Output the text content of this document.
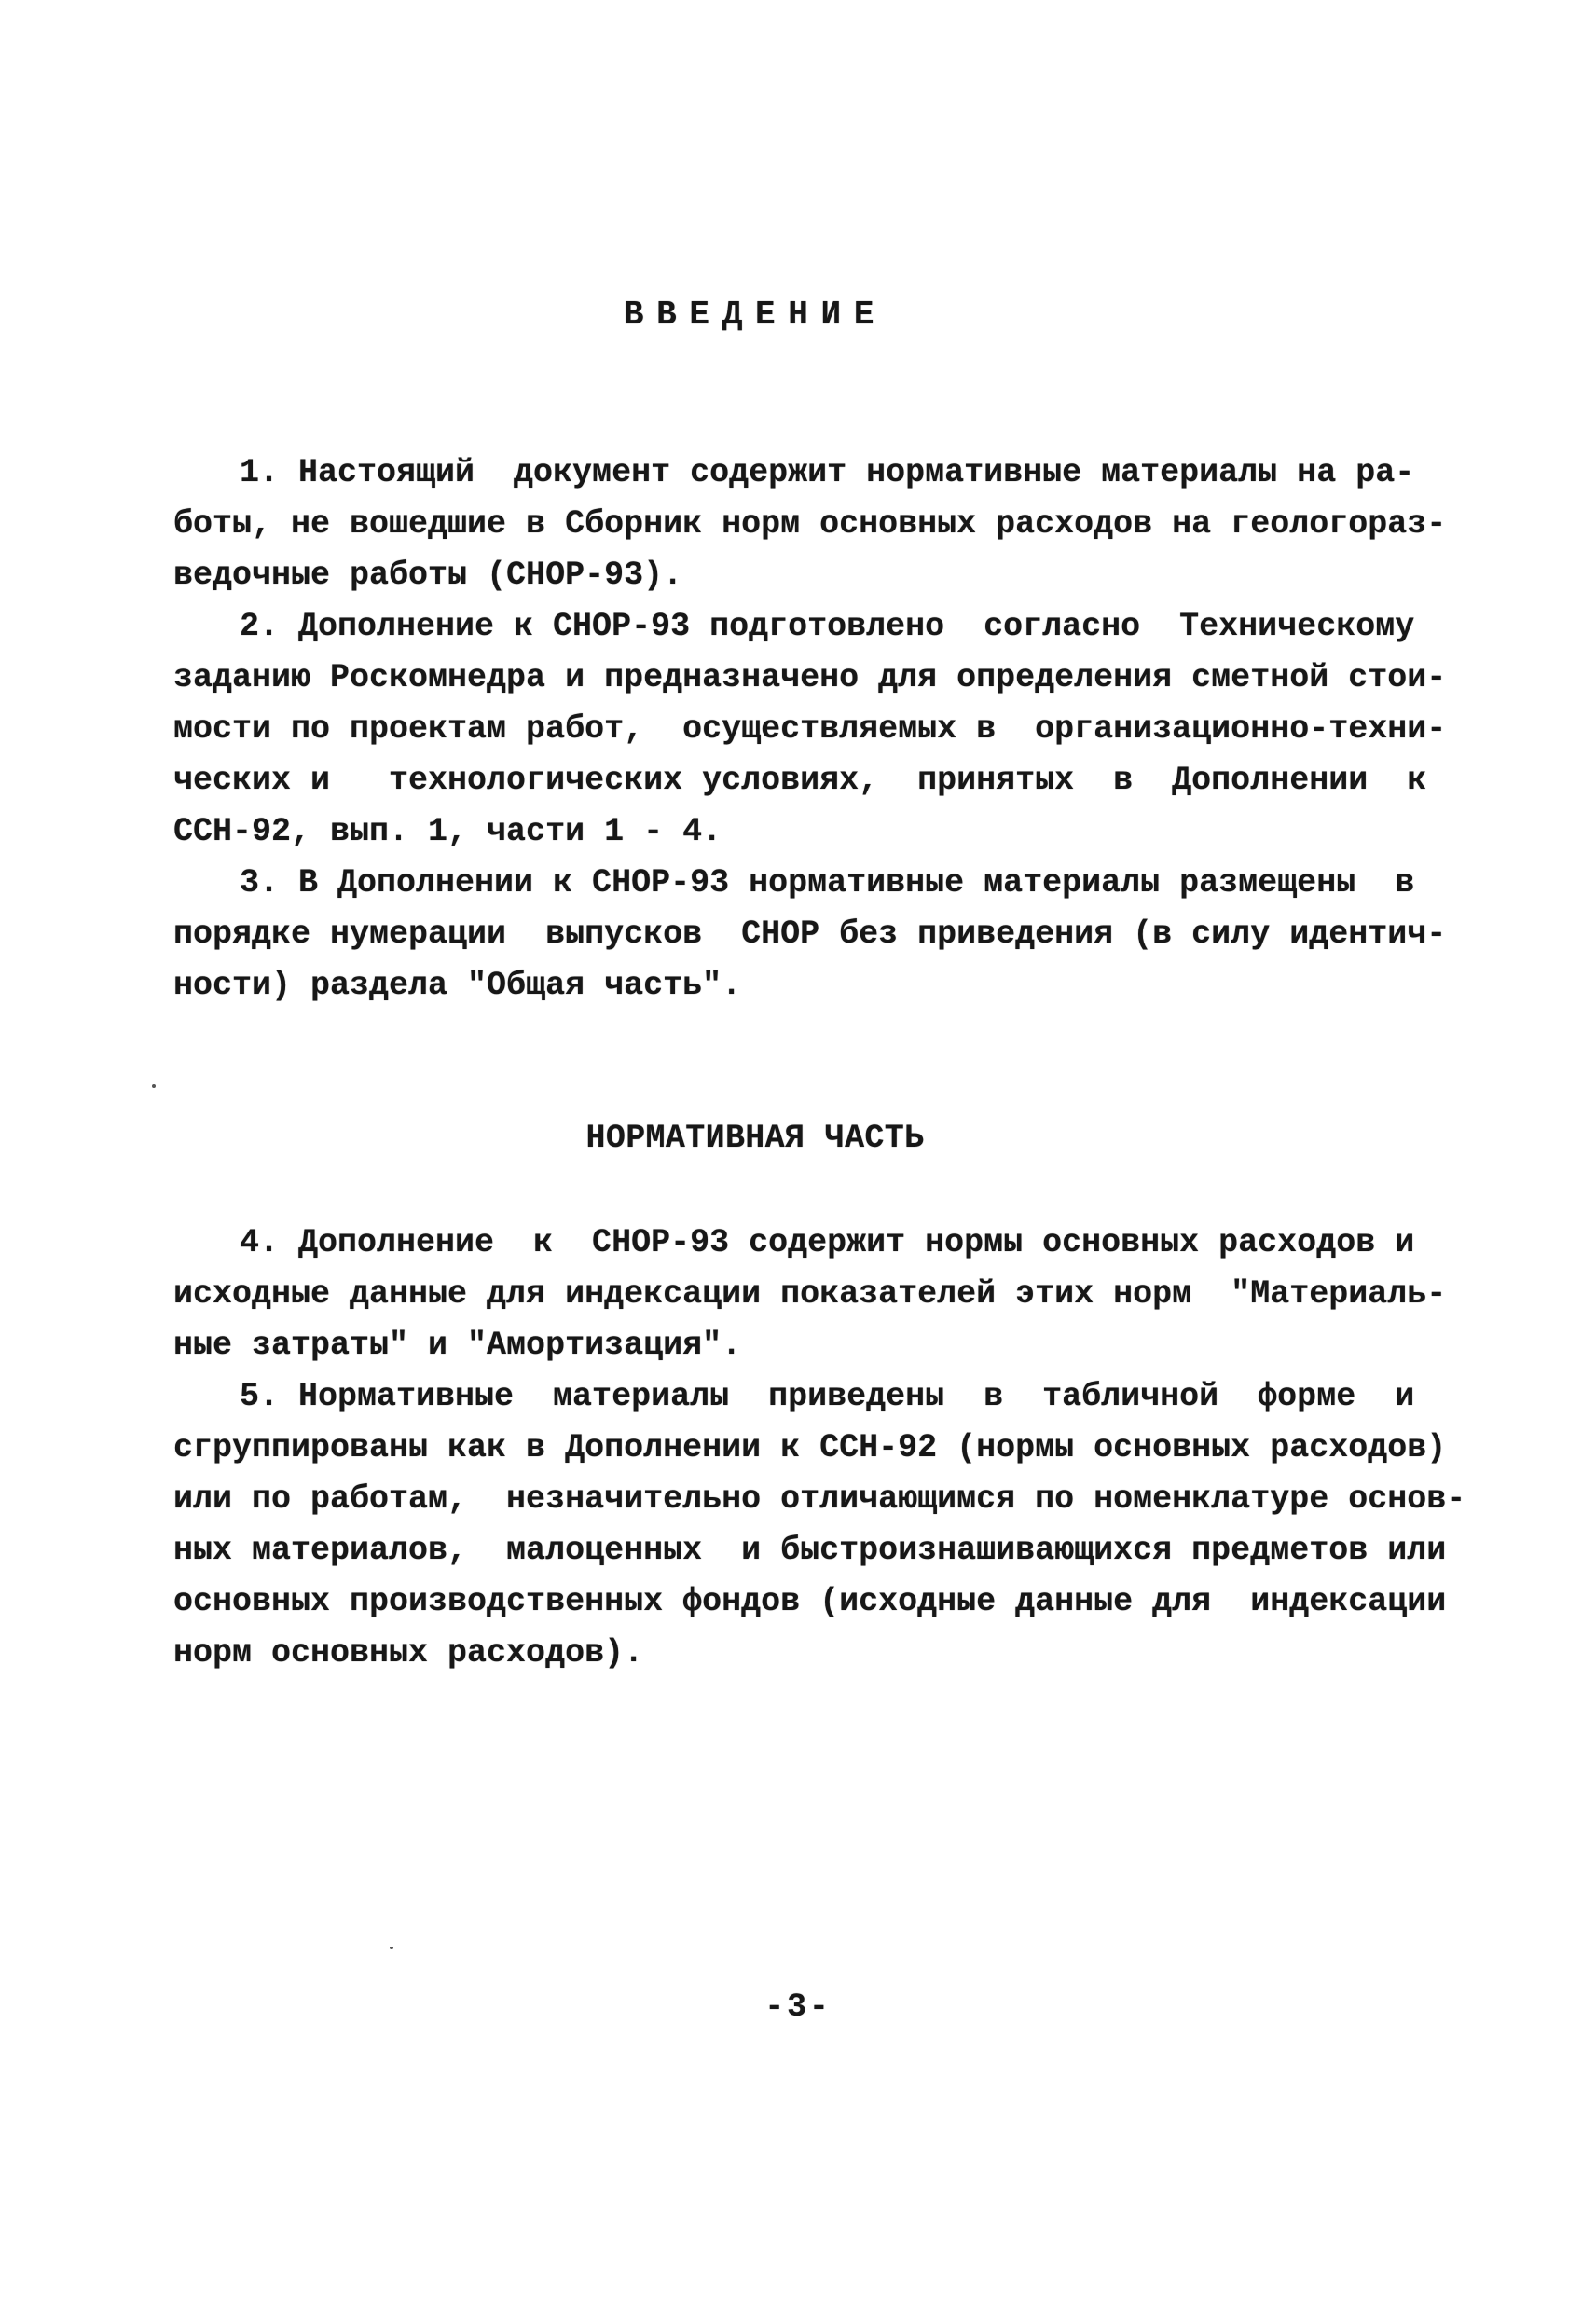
ВВЕДЕНИЕ
1. Настоящий  документ содержит нормативные материалы на ра-
боты, не вошедшие в Сборник норм основных расходов на геологораз-
ведочные работы (СНОР-93).
2. Дополнение к СНОР-93 подготовлено  согласно  Техническому
заданию Роскомнедра и предназначено для определения сметной стои-
мости по проектам работ,  осуществляемых в  организационно-техни-
ческих и   технологических условиях,  принятых  в  Дополнении  к
ССН-92, вып. 1, части 1 - 4.
3. В Дополнении к СНОР-93 нормативные материалы размещены  в
порядке нумерации  выпусков  СНОР без приведения (в силу идентич-
ности) раздела "Общая часть".
НОРМАТИВНАЯ ЧАСТЬ
4. Дополнение  к  СНОР-93 содержит нормы основных расходов и
исходные данные для индексации показателей этих норм  "Материаль-
ные затраты" и "Амортизация".
5. Нормативные  материалы  приведены  в  табличной  форме  и
сгруппированы как в Дополнении к ССН-92 (нормы основных расходов)
или по работам,  незначительно отличающимся по номенклатуре основ-
ных материалов,  малоценных  и быстроизнашивающихся предметов или
основных производственных фондов (исходные данные для  индексации
норм основных расходов).
-3-
